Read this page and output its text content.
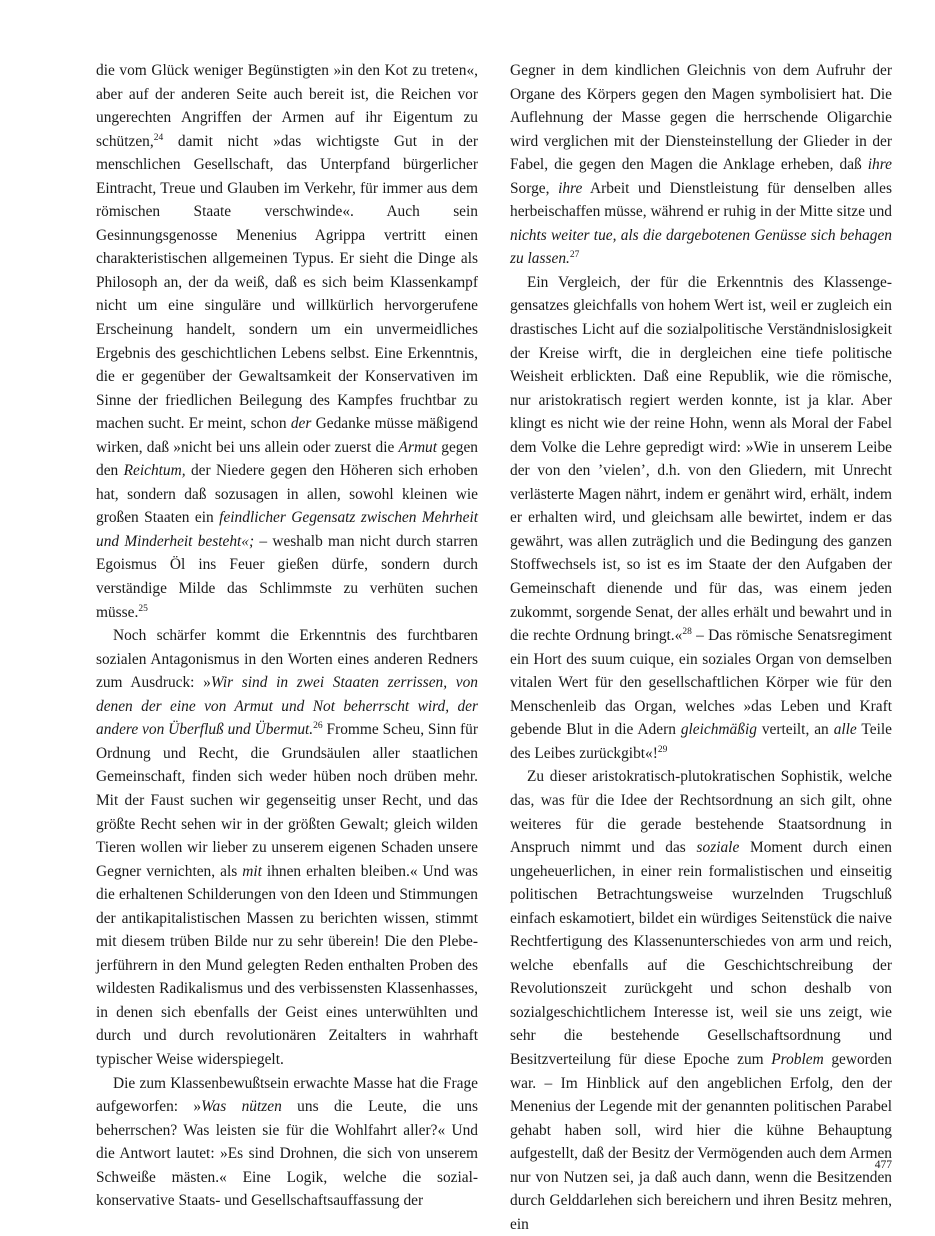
die vom Glück weniger Begünstigten »in den Kot zu treten«, aber auf der anderen Seite auch bereit ist, die Reichen vor ungerechten Angriffen der Armen auf ihr Eigentum zu schützen,$^{24}$ damit nicht »das wichtigste Gut in der menschlichen Gesellschaft, das Unterpfand bürgerlicher Eintracht, Treue und Glauben im Verkehr, für immer aus dem römischen Staate verschwinde«. Auch sein Gesinnungsgenosse Menenius Agrippa vertritt einen charakteristischen allgemeinen Typus. Er sieht die Dinge als Philosoph an, der da weiß, daß es sich beim Klassenkampf nicht um eine singuläre und willkürlich hervorgerufene Erscheinung handelt, sondern um ein unvermeidliches Ergebnis des geschichtlichen Lebens selbst. Eine Erkenntnis, die er gegenüber der Gewaltsamkeit der Konservativen im Sinne der friedlichen Beilegung des Kampfes fruchtbar zu machen sucht. Er meint, schon der Gedanke müsse mäßigend wirken, daß »nicht bei uns allein oder zuerst die Armut gegen den Reichtum, der Niedere gegen den Höheren sich erhoben hat, sondern daß sozusagen in allen, sowohl kleinen wie großen Staaten ein feindlicher Gegensatz zwischen Mehrheit und Minderheit besteht«; – weshalb man nicht durch starren Egoismus Öl ins Feuer gießen dürfe, sondern durch verständige Milde das Schlimmste zu verhüten suchen müsse.$^{25}$

Noch schärfer kommt die Erkenntnis des furchtbaren sozialen Antagonismus in den Worten eines anderen Redners zum Ausdruck: »Wir sind in zwei Staaten zerrissen, von denen der eine von Armut und Not beherrscht wird, der andere von Überfluß und Übermut.$^{26}$ Fromme Scheu, Sinn für Ordnung und Recht, die Grundsäulen aller staatlichen Gemeinschaft, finden sich weder hüben noch drüben mehr. Mit der Faust suchen wir gegenseitig unser Recht, und das größte Recht sehen wir in der größten Gewalt; gleich wilden Tieren wollen wir lieber zu unserem eigenen Schaden unsere Gegner vernichten, als mit ihnen erhalten bleiben.« Und was die erhaltenen Schilderungen von den Ideen und Stimmungen der antikapitalistischen Massen zu berichten wissen, stimmt mit diesem trüben Bilde nur zu sehr überein! Die den Plebejerführern in den Mund gelegten Reden enthalten Proben des wildesten Radikalismus und des verbissensten Klassenhasses, in denen sich ebenfalls der Geist eines unterwühlten und durch und durch revolutionären Zeitalters in wahrhaft typischer Weise widerspiegelt.

Die zum Klassenbewußtsein erwachte Masse hat die Frage aufgeworfen: »Was nützen uns die Leute, die uns beherrschen? Was leisten sie für die Wohlfahrt aller?« Und die Antwort lautet: »Es sind Drohnen, die sich von unserem Schweiße mästen.« Eine Logik, welche die sozial-konservative Staats- und Gesellschaftsauffassung der

Gegner in dem kindlichen Gleichnis von dem Aufruhr der Organe des Körpers gegen den Magen symbolisiert hat. Die Auflehnung der Masse gegen die herrschende Oligarchie wird verglichen mit der Diensteinstellung der Glieder in der Fabel, die gegen den Magen die Anklage erheben, daß ihre Sorge, ihre Arbeit und Dienstleistung für denselben alles herbeischaffen müsse, während er ruhig in der Mitte sitze und nichts weiter tue, als die dargebotenen Genüsse sich behagen zu lassen.$^{27}$

Ein Vergleich, der für die Erkenntnis des Klassengegensatzes gleichfalls von hohem Wert ist, weil er zugleich ein drastisches Licht auf die sozialpolitische Verständnislosigkeit der Kreise wirft, die in dergleichen eine tiefe politische Weisheit erblickten. Daß eine Republik, wie die römische, nur aristokratisch regiert werden konnte, ist ja klar. Aber klingt es nicht wie der reine Hohn, wenn als Moral der Fabel dem Volke die Lehre gepredigt wird: »Wie in unserem Leibe der von den ’vielen’, d.h. von den Gliedern, mit Unrecht verlästerte Magen nährt, indem er genährt wird, erhält, indem er erhalten wird, und gleichsam alle bewirtet, indem er das gewährt, was allen zuträglich und die Bedingung des ganzen Stoffwechsels ist, so ist es im Staate der den Aufgaben der Gemeinschaft dienende und für das, was einem jeden zukommt, sorgende Senat, der alles erhält und bewahrt und in die rechte Ordnung bringt.«$^{28}$ – Das römische Senatsregiment ein Hort des suum cuique, ein soziales Organ von demselben vitalen Wert für den gesellschaftlichen Körper wie für den Menschenleib das Organ, welches »das Leben und Kraft gebende Blut in die Adern gleichmäßig verteilt, an alle Teile des Leibes zurückgibt«!$^{29}$

Zu dieser aristokratisch-plutokratischen Sophistik, welche das, was für die Idee der Rechtsordnung an sich gilt, ohne weiteres für die gerade bestehende Staatsordnung in Anspruch nimmt und das soziale Moment durch einen ungeheuerlichen, in einer rein formalistischen und einseitig politischen Betrachtungsweise wurzelnden Trugschluß einfach eskamotiert, bildet ein würdiges Seitenstück die naive Rechtfertigung des Klassenunterschiedes von arm und reich, welche ebenfalls auf die Geschichtschreibung der Revolutionszeit zurückgeht und schon deshalb von sozialgeschichtlichem Interesse ist, weil sie uns zeigt, wie sehr die bestehende Gesellschaftsordnung und Besitzverteilung für diese Epoche zum Problem geworden war. – Im Hinblick auf den angeblichen Erfolg, den der Menenius der Legende mit der genannten politischen Parabel gehabt haben soll, wird hier die kühne Behauptung aufgestellt, daß der Besitz der Vermögenden auch dem Armen nur von Nutzen sei, ja daß auch dann, wenn die Besitzenden durch Gelddarlehen sich bereichern und ihren Besitz mehren, ein

477
